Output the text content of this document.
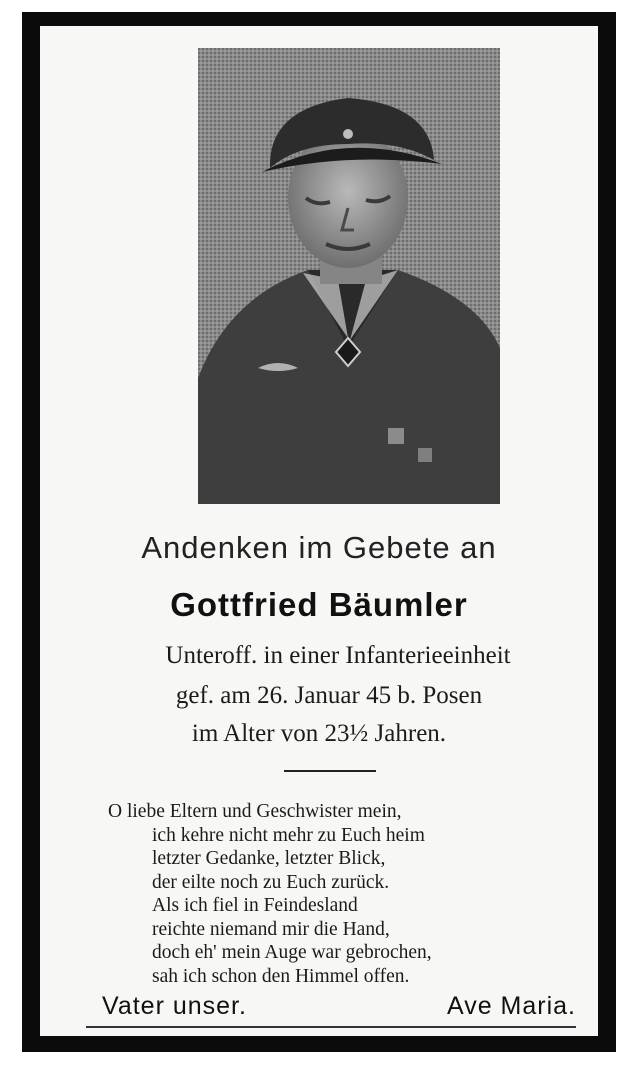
Andenken im Gebete an
Gottfried Bäumler
Unteroff. in einer Infanterieeinheit
gef. am 26. Januar 45 b. Posen
im Alter von 23½ Jahren.
O liebe Eltern und Geschwister mein,
ich kehre nicht mehr zu Euch heim
letzter Gedanke, letzter Blick,
der eilte noch zu Euch zurück.
Als ich fiel in Feindesland
reichte niemand mir die Hand,
doch eh' mein Auge war gebrochen,
sah ich schon den Himmel offen.
Vater unser.	Ave Maria.
